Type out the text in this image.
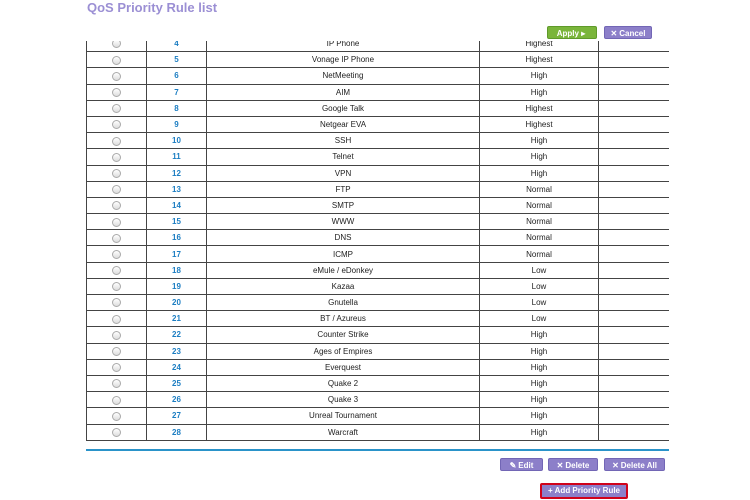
QoS Priority Rule list
Apply ▸	✕ Cancel
	4	IP Phone	Highest	
	5	Vonage IP Phone	Highest	
	6	NetMeeting	High	
	7	AIM	High	
	8	Google Talk	Highest	
	9	Netgear EVA	Highest	
	10	SSH	High	
	11	Telnet	High	
	12	VPN	High	
	13	FTP	Normal	
	14	SMTP	Normal	
	15	WWW	Normal	
	16	DNS	Normal	
	17	ICMP	Normal	
	18	eMule / eDonkey	Low	
	19	Kazaa	Low	
	20	Gnutella	Low	
	21	BT / Azureus	Low	
	22	Counter Strike	High	
	23	Ages of Empires	High	
	24	Everquest	High	
	25	Quake 2	High	
	26	Quake 3	High	
	27	Unreal Tournament	High	
	28	Warcraft	High	
✎ Edit	✕ Delete	✕ Delete All
+ Add Priority Rule
